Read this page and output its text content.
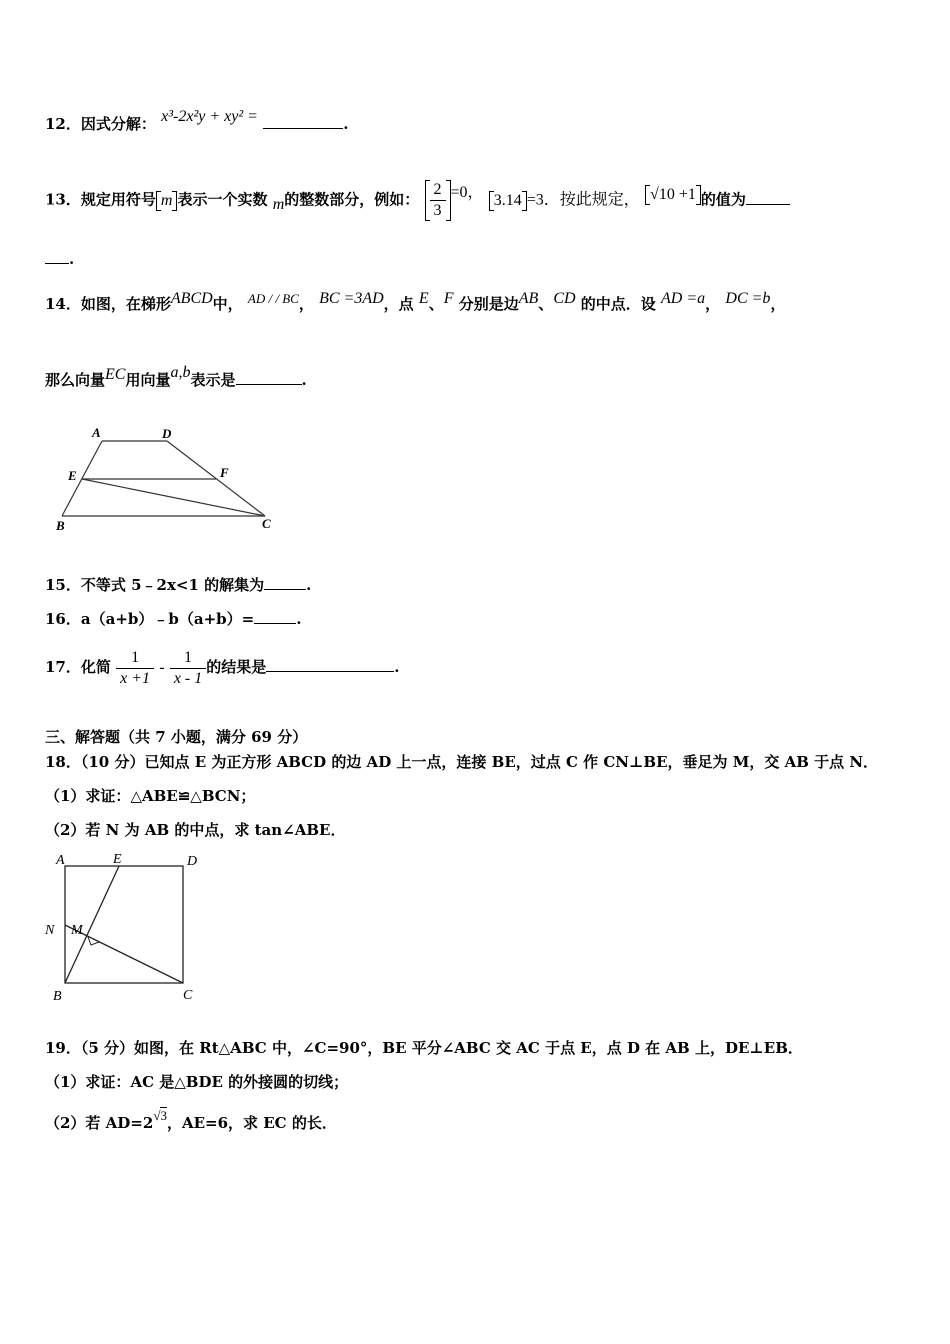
12．因式分解： x³-2x²y + xy² =	.
13．规定用符号 m 表示一个实数 m的整数部分，例如： $\frac{2}{3} =0$， 3.14 =3．按此规定， √10 +1 的值为
.
14．如图，在梯形ABCD中， AD / / BC， BC =3AD，点 E、F 分别是边AB、CD 的中点．设 AD =a， DC =b，
那么向量EC用向量a,b表示是	.
A	D
E	F
B	C
15．不等式 5﹣2x<1 的解集为	.
16．a（a+b）﹣b（a+b）=	.
17．化简 $\frac{1}{x +1} - \frac{1}{x - 1}$ 的结果是	.
三、解答题（共 7 小题，满分 69 分）
18．（10 分）已知点 E 为正方形 ABCD 的边 AD 上一点，连接 BE，过点 C 作 CN⊥BE，垂足为 M，交 AB 于点 N．
（1）求证：△ABE≌△BCN；
（2）若 N 为 AB 的中点，求 tan∠ABE．
A	E	D
N M
B	C
19．（5 分）如图，在 Rt△ABC 中，∠C=90°，BE 平分∠ABC 交 AC 于点 E，点 D 在 AB 上，DE⊥EB．
（1）求证：AC 是△BDE 的外接圆的切线；
（2）若 AD=2√3，AE=6，求 EC 的长．
